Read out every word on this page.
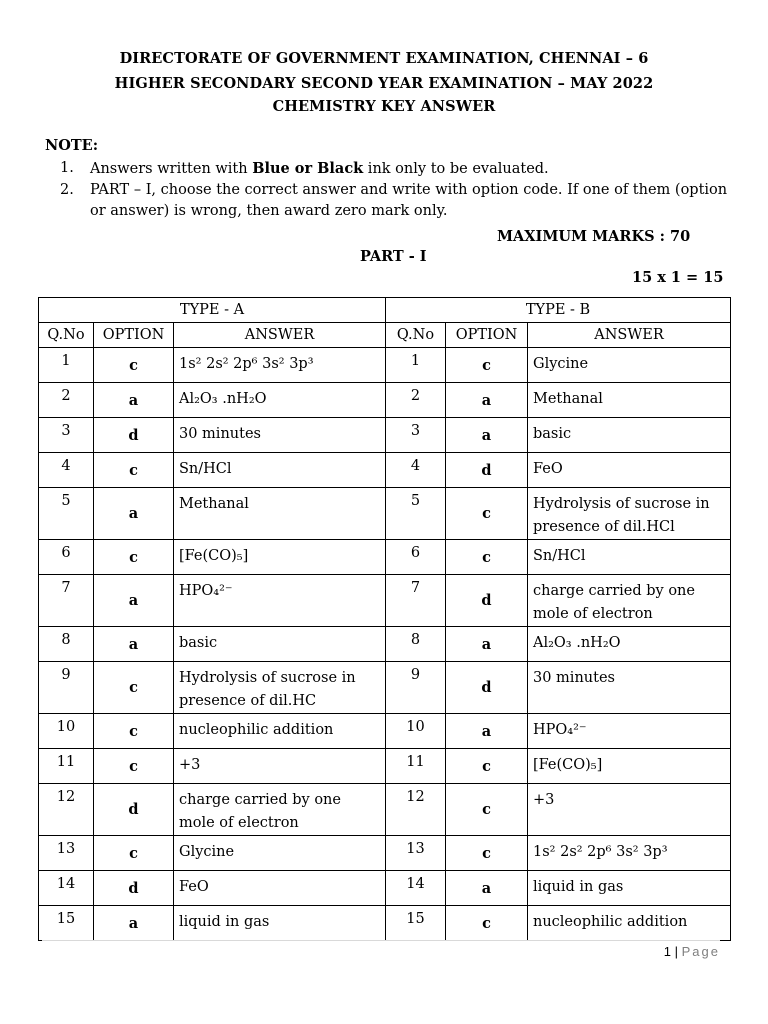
DIRECTORATE OF GOVERNMENT EXAMINATION, CHENNAI – 6
HIGHER SECONDARY SECOND YEAR EXAMINATION – MAY 2022
CHEMISTRY KEY ANSWER
NOTE:
1.	Answers written with Blue or Black ink only to be evaluated.
2.	PART – I, choose the correct answer and write with option code. If one of them (option or answer) is wrong, then award zero mark only.
MAXIMUM MARKS : 70
PART - I
15 x 1 = 15
TYPE - A			TYPE - B		
Q.No	OPTION	ANSWER	Q.No	OPTION	ANSWER
1	c	1s² 2s² 2p⁶ 3s² 3p³	1	c	Glycine
2	a	Al₂O₃ .nH₂O	2	a	Methanal
3	d	30 minutes	3	a	basic
4	c	Sn/HCl	4	d	FeO
5	a	Methanal	5	c	Hydrolysis of sucrose in presence of dil.HCl
6	c	[Fe(CO)₅]	6	c	Sn/HCl
7	a	HPO₄²⁻	7	d	charge carried by one mole of electron
8	a	basic	8	a	Al₂O₃ .nH₂O
9	c	Hydrolysis of sucrose in presence of dil.HC	9	d	30 minutes
10	c	nucleophilic addition	10	a	HPO₄²⁻
11	c	+3	11	c	[Fe(CO)₅]
12	d	charge carried by one mole of electron	12	c	+3
13	c	Glycine	13	c	1s² 2s² 2p⁶ 3s² 3p³
14	d	FeO	14	a	liquid in gas
15	a	liquid in gas	15	c	nucleophilic addition
1 | Page
